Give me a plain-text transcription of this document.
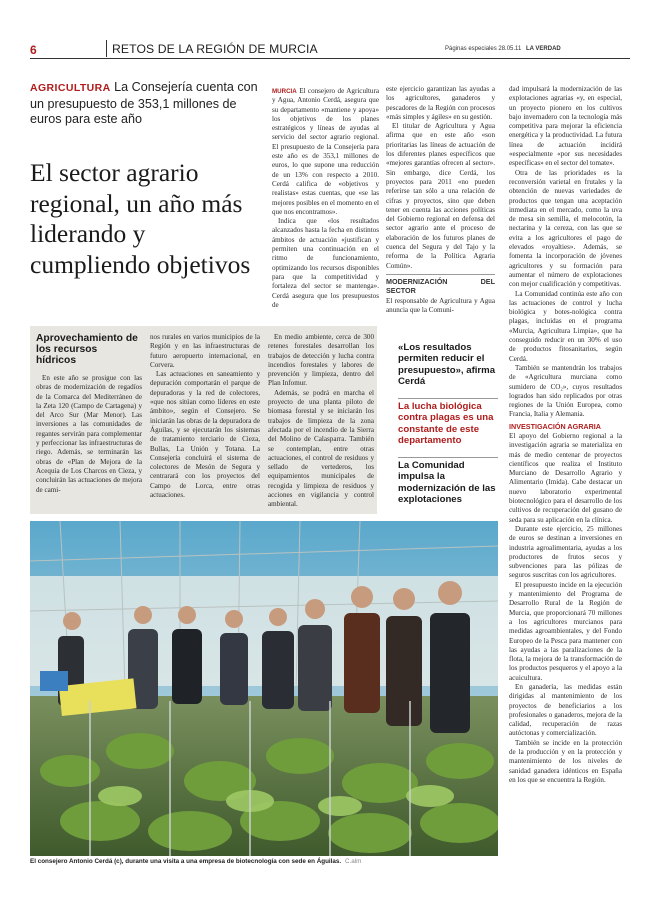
6	RETOS DE LA REGIÓN DE MURCIA	Páginas especiales 28.05.11 LA VERDAD
AGRICULTURA La Consejería cuenta con un presupuesto de 353,1 millones de euros para este año
El sector agrario regional, un año más liderando y cumpliendo objetivos

MURCIA El consejero de Agricultura y Agua, Antonio Cerdá, asegura que su departamento «mantiene y apoya» los objetivos de los planes estratégicos y líneas de ayudas al servicio del sector agrario regional. El presupuesto de la Consejería para este año es de 353,1 millones de euros, lo que supone una reducción de un 13% con respecto a 2010. Cerdá califica de «objetivos y realistas» estas cuentas, que «se las mejores posibles en el momento en el que nos encontramos».

Indica que «los resultados alcanzados hasta la fecha en distintos ámbitos de actuación «justifican y permiten una continuación en el ritmo de funcionamiento, optimizando los recursos disponibles para que la competitividad y fortaleza del sector se mantenga». Cerdá asegura que los presupuestos de

este ejercicio garantizan las ayudas a los agricultores, ganaderos y pescadores de la Región con procesos «más simples y ágiles» en su gestión.

El titular de Agricultura y Agua afirma que en este año «son prioritarias las líneas de actuación de los diferentes planes específicos que «mejores garantías ofrecen al sector». Sin embargo, dice Cerdá, los proyectos para 2011 «no pueden referirse tan sólo a una relación de cifras y proyectos, sino que deben tener en cuenta las acciones políticas del Gobierno regional en defensa del sector agrario ante el proceso de elaboración de los futuros planes de cuenca del Segura y del Tajo y la reforma de la Política Agraria Común».

MODERNIZACIÓN DEL SECTOR

El responsable de Agricultura y Agua anuncia que la Comuni-

dad impulsará la modernización de las explotaciones agrarias «y, en especial, un proyecto pionero en los cultivos bajo invernadero con la tecnología más competitiva para mejorar la eficiencia energética y la productividad. La futura línea de actuación incidirá «especialmente «por sus necesidades específicas» en el sector del tomate».

Otra de las prioridades es la reconversión varietal en frutales y la obtención de nuevas variedades de productos que tengan una aceptación inmediata en el mercado, como la uva de mesa sin semilla, el melocotón, la nectarina y la cereza, con las que se evita a los agricultores el pago de elevados «royalties». Además, se fomenta la incorporación de jóvenes agricultores y su formación para aumentar el número de explotaciones con mejor cualificación y competitivas.

La Comunidad continúa este año con las actuaciones de control y lucha biológica y botes-nológica contra plagas, incluidas en el programa «Murcia, Agricultura Limpia», que ha conseguido reducir en un 30% el uso de productos fitosanitarios, según Cerdá.

También se mantendrán los trabajos de «Agricultura murciana como sumidero de CO₂», cuyos resultados logrados han sido replicados por otras regiones de la Unión Europea, como Francia, Italia y Alemania.

INVESTIGACIÓN AGRARIA

El apoyo del Gobierno regional a la investigación agraria se materializa en más de medio centenar de proyectos científicos que realiza el Instituto Murciano de Desarrollo Agrario y Alimentario (Imida). Cabe destacar un nuevo laboratorio experimental biotecnológico para el desarrollo de los cultivos de recuperación del gusano de seda para su aplicación en la clínica.

Durante este ejercicio, 25 millones de euros se destinan a inversiones en industria agroalimentaria, ayudas a los productores de frutos secos y subvenciones para las pólizas de seguros suscritas con los agricultores.

El presupuesto incide en la ejecución y mantenimiento del Programa de Desarrollo Rural de la Región de Murcia, que proporcionará 70 millones a los agricultores murcianos para medidas agroambientales, y del Fondo Europeo de la Pesca para mantener con las ayudas a las paralizaciones de la flota, la mejora de la transformación de los productos pesqueros y el apoyo a la acuicultura.

En ganadería, las medidas están dirigidas al mantenimiento de los proyectos de beneficiarios a los profesionales o ganaderos, mejora de la calidad, recuperación de razas autóctonas y comercialización.

También se incide en la protección de la producción y en la protección y mantenimiento de los niveles de sanidad ganadera idénticos en España en los que se encuentra la Región.

Aprovechamiento de los recursos hídricos

En este año se prosigue con las obras de modernización de regadíos de la Comarca del Mediterráneo de la Zeta 120 (Campo de Cartagena) y del Arco Sur (Mar Menor). Las inversiones a las comunidades de regantes servirán para complementar y perfeccionar las infraestructuras de riego. Además, se terminarán las obras de «Plan de Mejora de la Acequia de Los Charcos en Cieza, y concluirán las actuaciones de mejora de cami-

nos rurales en varios municipios de la Región y en las infraestructuras de futuro aeropuerto internacional, en Corvera.

Las actuaciones en saneamiento y depuración comportarán el parque de depuradoras y la red de colectores, «que nos sitúan como líderes en este ámbito», según el Consejero. Se iniciarán las obras de la depuradora de Águilas, y se ejecutarán los sistemas de tratamiento terciario de Cieza, Bullas, La Unión y Totana. La Consejería concluirá el sistema de colectores de Mesón de Segura y centrarará con los proyectos del Campo de Lorca, entre otras actuaciones.

En medio ambiente, cerca de 300 retenes forestales desarrollan los trabajos de detección y lucha contra incendios forestales y labores de prevención y limpieza, dentro del Plan Infomur.

Además, se podrá en marcha el proyecto de una planta piloto de biomasa forestal y se iniciarán los trabajos de limpieza de la zona afectada por el incendio de la Sierra del Molino de Calasparra. También se contemplan, entre otras actuaciones, el control de residuos y sellado de vertederos, los equipamientos municipales de recogida y limpieza de residuos y acciones en vigilancia y control ambiental.

«Los resultados permiten reducir el presupuesto», afirma Cerdá
La lucha biológica contra plagas es una constante de este departamento
La Comunidad impulsa la modernización de las explotaciones
El consejero Antonio Cerdá (c), durante una visita a una empresa de biotecnología con sede en Águilas. C.alm
